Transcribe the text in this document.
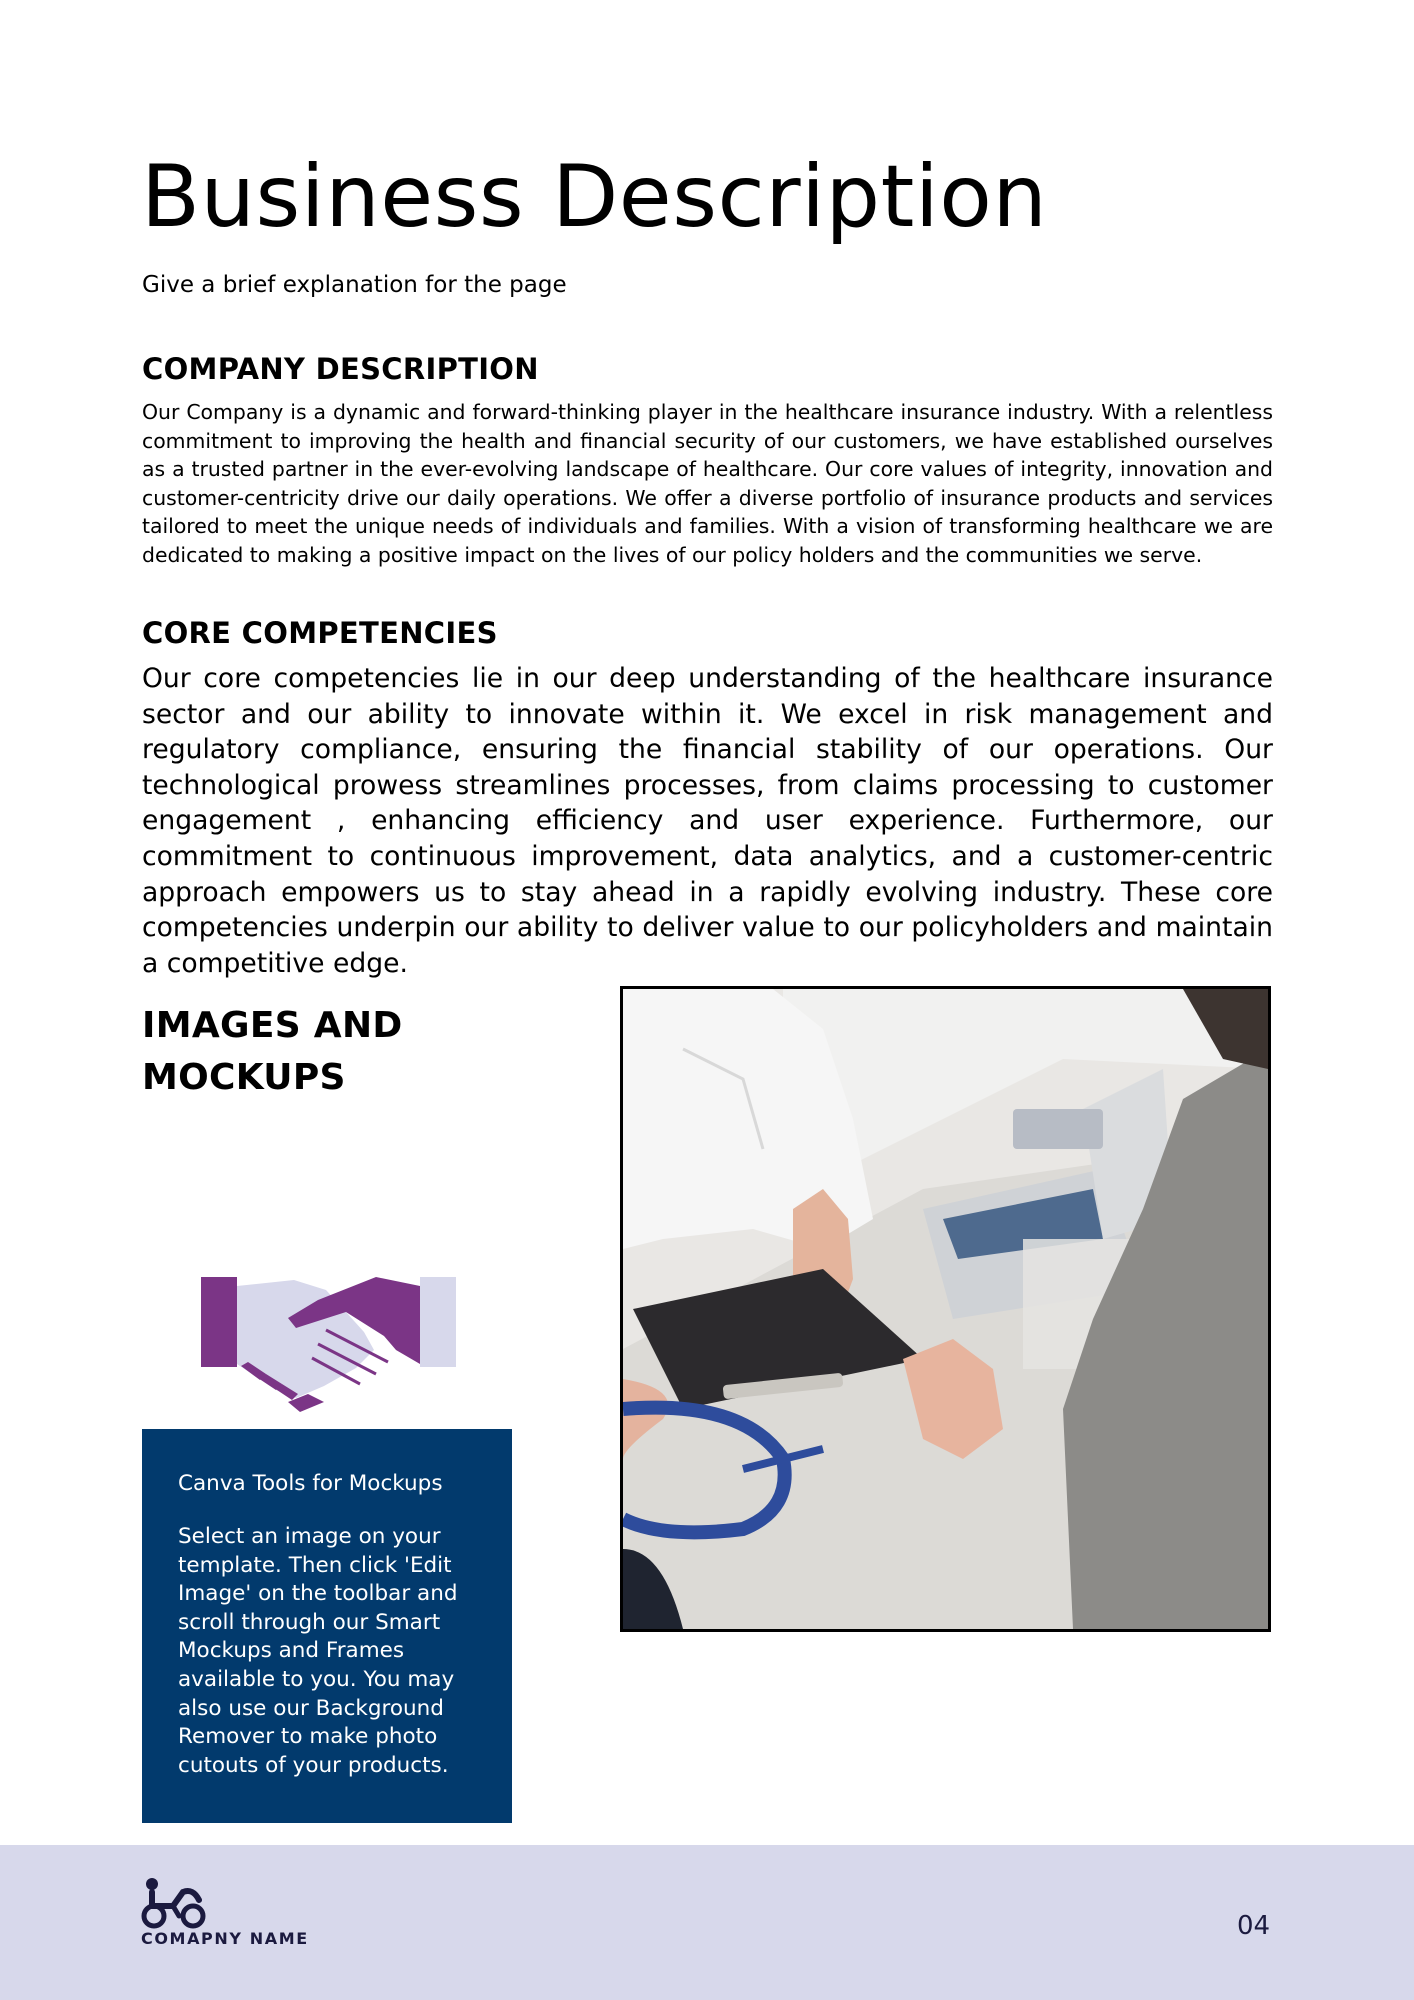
Business Description

Give a brief explanation for the page

COMPANY DESCRIPTION

Our Company is a dynamic and forward-thinking player in the healthcare insurance industry. With a relentless commitment to improving the health and financial security of our customers, we have established ourselves as a trusted partner in the ever-evolving landscape of healthcare. Our core values of integrity, innovation and customer-centricity drive our daily operations. We offer a diverse portfolio of insurance products and services tailored to meet the unique needs of individuals and families. With a vision of transforming healthcare we are dedicated to making a positive impact on the lives of our policy holders and the communities we serve.

CORE COMPETENCIES

Our core competencies lie in our deep understanding of the healthcare insurance sector and our ability to innovate within it. We excel in risk management and regulatory compliance, ensuring the financial stability of our operations. Our technological prowess streamlines processes, from claims processing to customer engagement , enhancing efficiency and user experience. Furthermore, our commitment to continuous improvement, data analytics, and a customer-centric approach empowers us to stay ahead in a rapidly evolving industry. These core competencies underpin our ability to deliver value to our policyholders and maintain a competitive edge.

IMAGES AND MOCKUPS

Canva Tools for Mockups

Select an image on your template. Then click 'Edit Image' on the toolbar and scroll through our Smart Mockups and Frames available to you. You may also use our Background Remover to make photo cutouts of your products.

COMAPNY NAME	04
